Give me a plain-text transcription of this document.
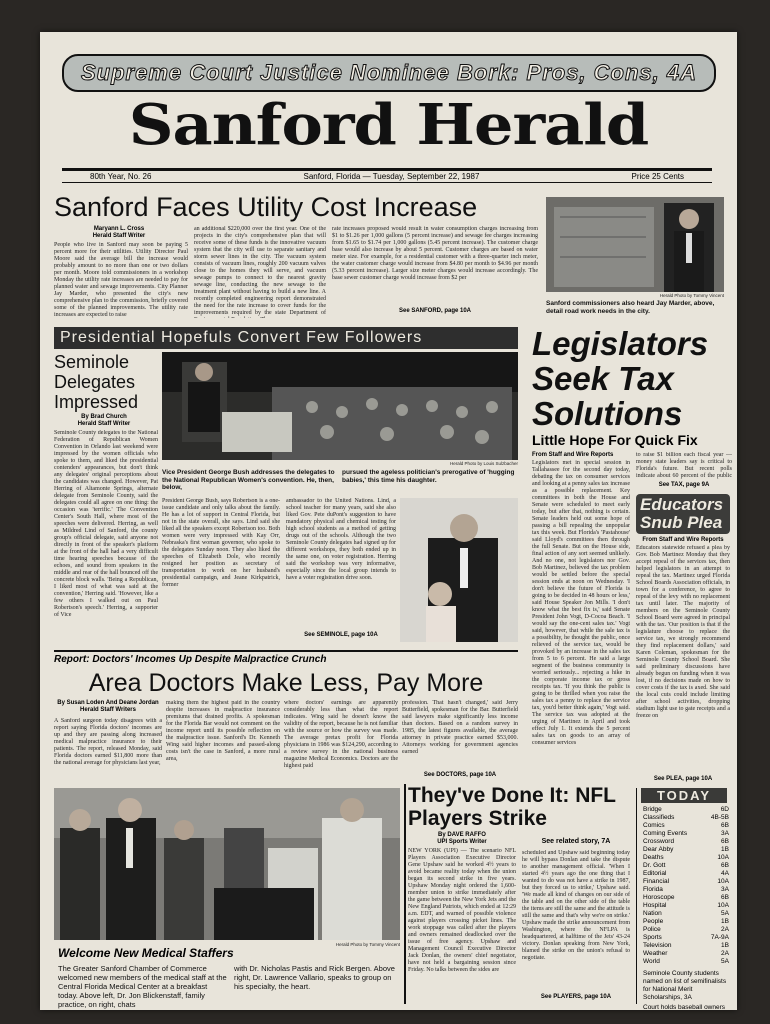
Supreme Court Justice Nominee Bork: Pros, Cons, 4A
Sanford Herald
80th Year, No. 26	Sanford, Florida — Tuesday, September 22, 1987	Price 25 Cents
Sanford Faces Utility Cost Increase
Maryann L. Cross
Herald Staff Writer
People who live in Sanford may soon be paying 5 percent more for their utilities. Utility Director Paul Moore said the average bill the increase would probably amount to no more than one or two dollars per month. Moore told commissioners in a workshop Monday the utility rate increases are needed to pay for planned water and sewage improvements. City Planner Jay Marder, who presented the city's new comprehensive plan to the commission, briefly covered some of the planned improvements. The utility rate increases are expected to raise
an additional $220,000 over the first year. One of the projects in the city's comprehensive plan that will receive some of these funds is the innovative vacuum system that the city will use to separate sanitary and storm sewer lines in the city. The vacuum system consists of vacuum lines, roughly 200 vacuum valves close to the homes they will serve, and vacuum sewage pumps to connect to the nearest gravity sewage line, conducting the new sewage to the treatment plant without having to build a new line. A recently completed engineering report demonstrated the need for the rate increase to cover funds for the improvements required by the state Department of
rate increases proposed would result in water consumption charges increasing from $1 to $1.26 per 1,000 gallons (5 percent increase) and sewage fee charges increasing from $1.65 to $1.74 per 1,000 gallons (5.45 percent increase). The customer charge base would also increase by about 5 percent. Customer charges are based on water meter size. For example, for a residential customer with a three-quarter inch meter, the water customer charge would increase from $4.80 per month to $4.96 per month (5.33 percent increase). Larger size meter charges would increase accordingly. The base sewer customer charge would increase from $2 per
See SANFORD, page 10A
Herald Photo by Tommy Vincent
Sanford commissioners also heard Jay Marder, above, detail road work needs in the city.
Presidential Hopefuls Convert Few Followers
Seminole Delegates Impressed
By Brad Church
Herald Staff Writer
Seminole County delegates to the National Federation of Republican Women Convention in Orlando last weekend were impressed by the women officials who spoke to them, and liked the presidential contenders' appearances, but don't think any delegates' original perceptions about the candidates was changed. However, Pat Herring of Altamonte Springs, alternate delegate from Seminole County, said the delegates could all agree on one thing: the occasion was 'terrific.' The Convention Center's South Hall, where most of the speeches were delivered. Herring, as well as Mildred Lind of Sanford, the county group's official delegate, said anyone not directly in front of the speaker's platform at the front of the hall had a very difficult time hearing speeches because of the echoes, and sound from speakers in the middle and rear of the hall bounced off the concrete block walls. 'Being a Republican, I liked most of what was said at the convention,' Herring said. 'However, like a few others I walked out on Paul Robertson's speech.' Herring, a supporter of Vice
Herald Photo by Louis Sulzbacher
Vice President George Bush addresses the delegates to the National Republican Women's convention. He, then, below,
pursued the ageless politician's prerogative of 'hugging babies,' this time his daughter.
President George Bush, says Robertson is a one-issue candidate and only talks about the family. He has a lot of support in Central Florida, but not in the state overall, she says. Lind said she liked all the speakers except Robertson too. Both women were very impressed with Kay Orr, Nebraska's first woman governor, who spoke to the delegates Sunday noon. They also liked the speeches of Elizabeth Dole, who recently resigned her position as secretary of transportation to work on her husband's presidential campaign, and Jeane Kirkpatrick, former
ambassador to the United Nations. Lind, a school teacher for many years, said she also liked Gov. Pete duPont's suggestion to have mandatory physical and chemical testing for high school students as a method of getting drugs out of the schools. Although the two Seminole County delegates had signed up for different workshops, they both ended up in the same one, on voter registration. Herring said the workshop was very informative, especially since the local group intends to have a voter registration drive soon.
See SEMINOLE, page 10A
Legislators Seek Tax Solutions
Little Hope For Quick Fix
From Staff and Wire Reports
Legislators met in special session in Tallahassee for the second day today, debating the tax on consumer services and looking at a penny sales tax increase as a possible replacement. Key committees in both the House and Senate were scheduled to meet early today, but after that, nothing is certain. Senate leaders held out some hope of passing a bill repealing the unpopular tax this week. But Florida's 'Pastahouse' said Lloyd's committees then through the full Senate. But on the House side, final action of any sort seemed unlikely. And no one, not legislators nor Gov. Bob Martinez, believed the tax problem would be settled before the special session ends at noon on Wednesday. 'I don't believe the future of Florida is going to be decided in 48 hours or less,' said House Speaker Jon Mills. 'I don't know what the best fix is,' said Senate President John Vogt, D-Cocoa Beach. 'I would say the one-cent sales tax.' Vogt said, however, that while the sale tax is a possibility, he thought the public, once relieved of the service tax, would be provoked by an increase in the sales tax from 5 to 6 percent. He said a large segment of the business community is worried seriously... rejecting a hike in the corporate income tax or gross receipts tax. 'If you think the public is going to be thrilled when you raise the sales tax a penny to replace the service tax, you'd better think again,' Vogt said. The service tax was adopted at the urging of Martinez in April and took effect July 1. It extends the 5 percent sales tax on goods to an array of consumer services
to raise $1 billion each fiscal year — money state leaders say is critical to Florida's future. But recent polls indicate about 60 percent of the public
See TAX, page 9A
Educators Snub Plea
From Staff and Wire Reports
Educators statewide refused a plea by Gov. Bob Martinez Monday that they accept repeal of the services tax, then helped legislators in an attempt to repeal the tax. Martinez urged Florida School Boards Association officials, in town for a conference, to agree to repeal of the levy with no replacement tax until later. The majority of members on the Seminole County School Board were agreed in principal with the tax. 'Our position is that if the legislature choose to replace the service tax, we strongly recommend they find replacement dollars,' said Karen Coleman, spokesman for the Seminole County School Board. She said preliminary discussions have already begun on funding when it was lost, if no decisions made on how to cover costs if the tax is axed. She said the local cuts could include limiting after school activities, dropping stadium light use to gate receipts and a freeze on
See PLEA, page 10A
Report: Doctors' Incomes Up Despite Malpractice Crunch
Area Doctors Make Less, Pay More
By Susan Loden And Deane Jordan
Herald Staff Writers
A Sanford surgeon today disagrees with a report saying Florida doctors' incomes are up and they are passing along increased medical malpractice insurance to their patients. The report, released Monday, said Florida doctors earned $11,800 more than the national average for physicians last year,
making them the highest paid in the country despite increases in malpractice insurance premiums that drained profits. A spokesman for the Florida Bar would not comment on the income report until its possible reflection on the malpractice issue. Sanford's Dr. Kenneth Wing said higher incomes and passed-along costs isn't the case in Sanford, a more rural area,
where doctors' earnings are apparently considerably less than what the report indicates. Wing said he doesn't know the validity of the report, because he is not familiar with the source or how the survey was made. The average pretax profit for Florida physicians in 1986 was $124,290, according to a review survey in the national business magazine Medical Economics. Doctors are the highest paid
profession. That hasn't changed,' said Jerry Butterfield, spokesman for the Bar. Butterfield said lawyers make significantly less income than doctors. Based on a random survey in 1985, the latest figures available, the average attorney in private practice earned $53,000. Attorneys working for government agencies earned
See DOCTORS, page 10A
Herald Photo by Tommy Vincent
Welcome New Medical Staffers
The Greater Sanford Chamber of Commerce welcomed new members of the medical staff at the Central Florida Medical Center at a breakfast today. Above left, Dr. Jon Blickenstaff, family practice, on right, chats
with Dr. Nicholas Pastis and Rick Bergen. Above right, Dr. Lawrence Vallario, speaks to group on his specialty, the heart.
They've Done It: NFL Players Strike
By DAVE RAFFO
UPI Sports Writer	See related story, 7A
NEW YORK (UPI) — The scenario NFL Players Association Executive Director Gene Upshaw said he worked 4½ years to avoid became reality today when the union began its second strike in five years. Upshaw Monday night ordered the 1,600-member union to strike immediately after the game between the New York Jets and the New England Patriots, which ended at 12:29 a.m. EDT, and warned of possible violence against players crossing picket lines. The work stoppage was called after the players and owners remained deadlocked over the issue of free agency. Upshaw and Management Council Executive Director Jack Donlan, the owners' chief negotiator, have not held a bargaining session since Friday. No talks between the sides are
scheduled and Upshaw said beginning today he will bypass Donlan and take the dispute to another management official. 'When I started 4½ years ago the one thing that I wanted to do was not have a strike in 1987, but they forced us to strike,' Upshaw said. 'We made all kind of changes on our side of the table and on the other side of the table the items are still the same and the attitude is still the same and that's why we're on strike.' Upshaw made the strike announcement from Washington, where the NFLPA is headquartered, at halftime of the Jets' 43-24 victory. Donlan speaking from New York, blamed the strike on the union's refusal to negotiate.
See PLAYERS, page 10A
TODAY
Bridge	6D
Classifieds	4B-5B
Comics	6B
Coming Events	3A
Crossword	6B
Dear Abby	1B
Deaths	10A
Dr. Gott	6B
Editorial	4A
Financial	10A
Florida	3A
Horoscope	6B
Hospital	10A
Nation	5A
People	1B
Police	2A
Sports	7A-9A
Television	1B
Weather	2A
World	5A
Seminole County students named on list of semifinalists for National Merit Scholarships, 3A
Court holds baseball owners
